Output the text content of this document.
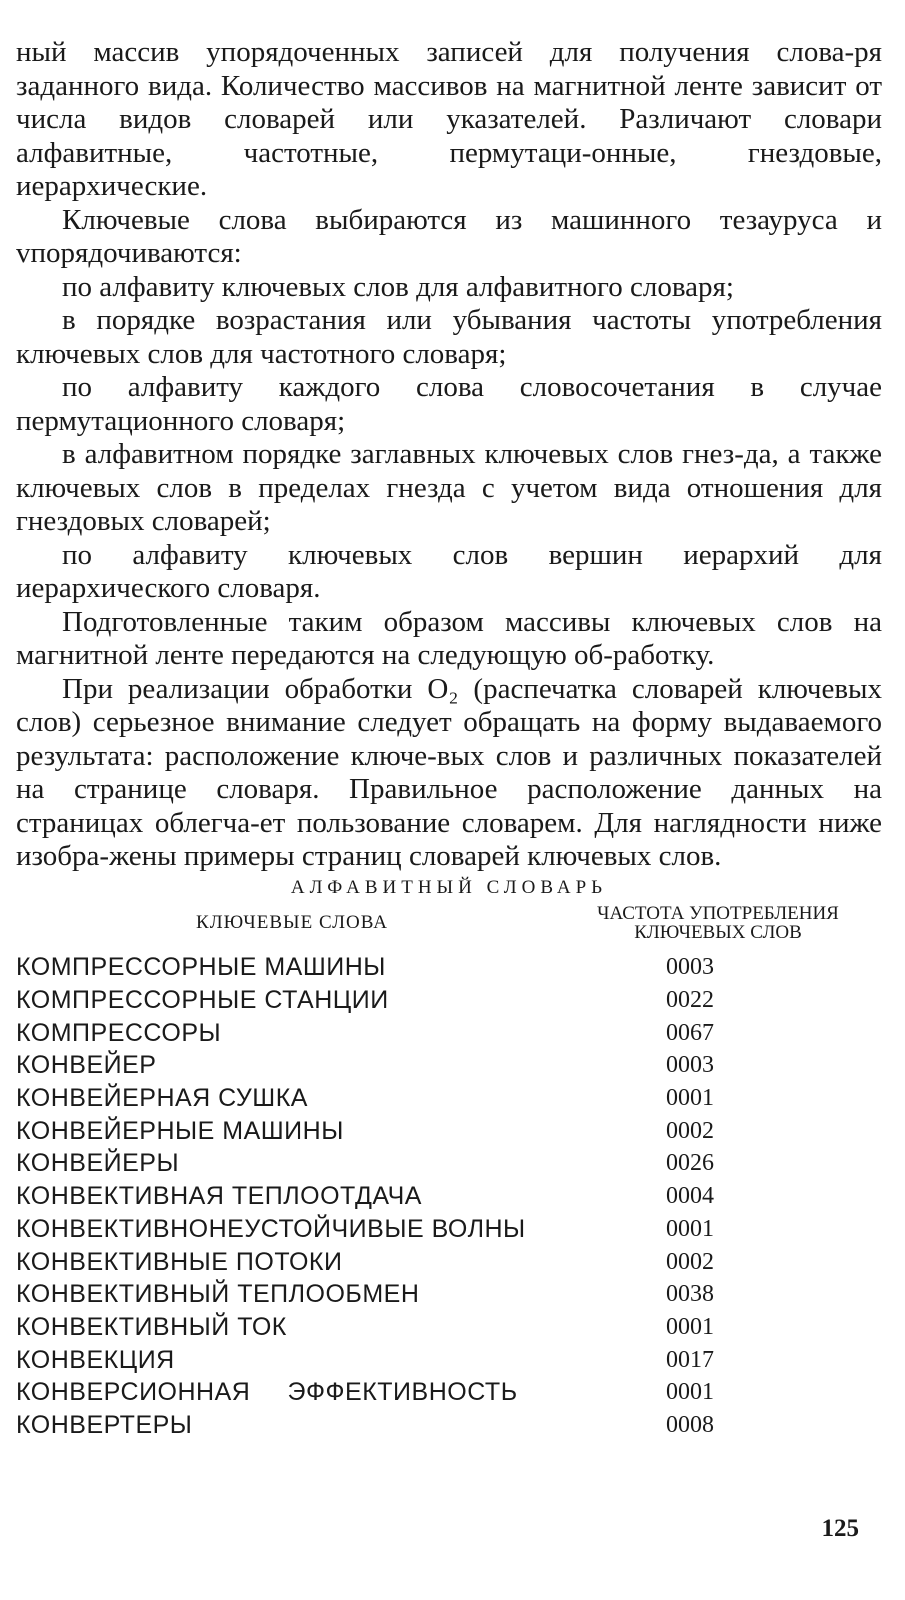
ный массив упорядоченных записей для получения слова-ря заданного вида. Количество массивов на магнитной ленте зависит от числа видов словарей или указателей. Различают словари алфавитные, частотные, пермутаци-онные, гнездовые, иерархические.

Ключевые слова выбираются из машинного тезауруса и vпорядочиваются:

по алфавиту ключевых слов для алфавитного словаря;

в порядке возрастания или убывания частоты употребления ключевых слов для частотного словаря;

по алфавиту каждого слова словосочетания в случае пермутационного словаря;

в алфавитном порядке заглавных ключевых слов гнез-да, а также ключевых слов в пределах гнезда с учетом вида отношения для гнездовых словарей;

по алфавиту ключевых слов вершин иерархий для иерархического словаря.

Подготовленные таким образом массивы ключевых слов на магнитной ленте передаются на следующую об-работку.

При реализации обработки O₂ (распечатка словарей ключевых слов) серьезное внимание следует обращать на форму выдаваемого результата: расположение ключе-вых слов и различных показателей на странице словаря. Правильное расположение данных на страницах облегча-ет пользование словарем. Для наглядности ниже изобра-жены примеры страниц словарей ключевых слов.

АЛФАВИТНЫЙ СЛОВАРЬ
КЛЮЧЕВЫЕ СЛОВА	ЧАСТОТА УПОТРЕБЛЕНИЯ
КЛЮЧЕВЫХ СЛОВ
КОМПРЕССОРНЫЕ МАШИНЫ	0003
КОМПРЕССОРНЫЕ СТАНЦИИ	0022
КОМПРЕССОРЫ	0067
КОНВЕЙЕР	0003
КОНВЕЙЕРНАЯ СУШКА	0001
КОНВЕЙЕРНЫЕ МАШИНЫ	0002
КОНВЕЙЕРЫ	0026
КОНВЕКТИВНАЯ ТЕПЛООТДАЧА	0004
КОНВЕКТИВНОНЕУСТОЙЧИВЫЕ ВОЛНЫ	0001
КОНВЕКТИВНЫЕ ПОТОКИ	0002
КОНВЕКТИВНЫЙ ТЕПЛООБМЕН	0038
КОНВЕКТИВНЫЙ ТОК	0001
КОНВЕКЦИЯ	0017
КОНВЕРСИОННАЯ     ЭФФЕКТИВНОСТЬ	0001
КОНВЕРТЕРЫ	0008
125
